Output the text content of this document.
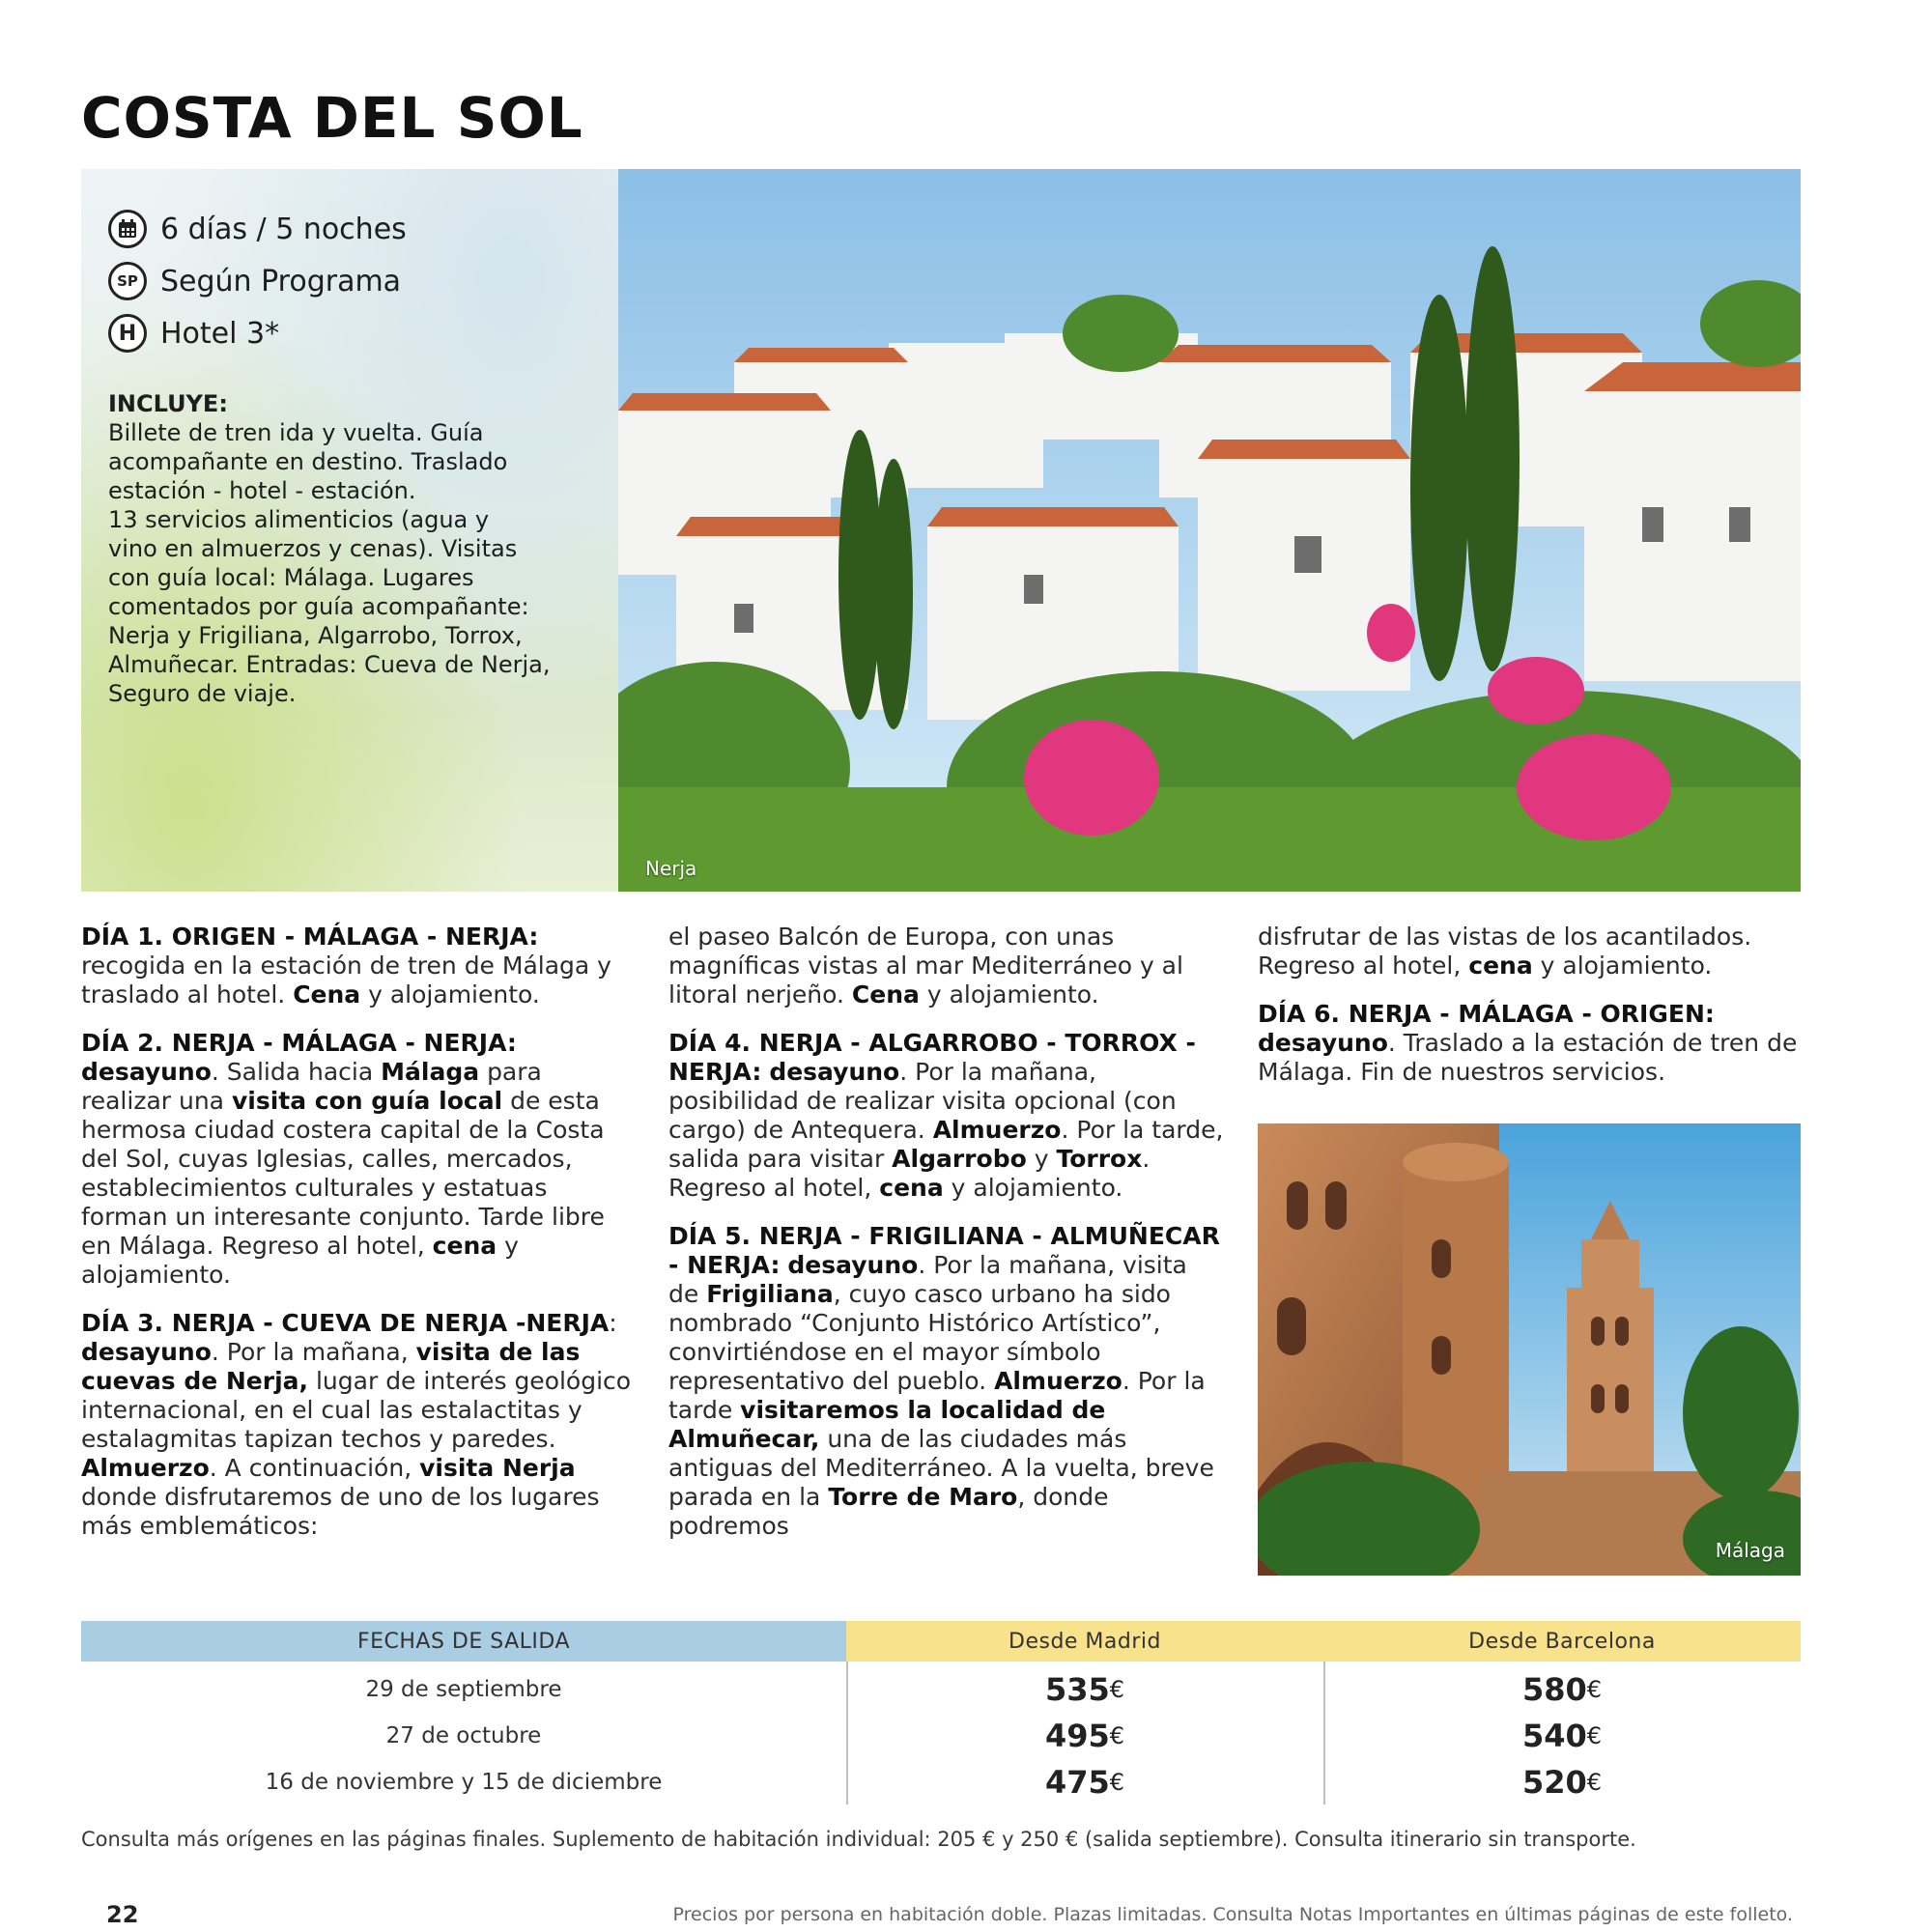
COSTA DEL SOL
6 días / 5 noches
SP Según Programa
H Hotel 3*
INCLUYE:
Billete de tren ida y vuelta. Guía
acompañante en destino. Traslado
estación - hotel - estación.
13 servicios alimenticios (agua y
vino en almuerzos y cenas). Visitas
con guía local: Málaga. Lugares
comentados por guía acompañante:
Nerja y Frigiliana, Algarrobo, Torrox,
Almuñecar. Entradas: Cueva de Nerja,
Seguro de viaje.
Nerja

DÍA 1. ORIGEN - MÁLAGA - NERJA: recogida en la estación de tren de Málaga y traslado al hotel. Cena y alojamiento.

DÍA 2. NERJA - MÁLAGA - NERJA: desayuno. Salida hacia Málaga para realizar una visita con guía local de esta hermosa ciudad costera capital de la Costa del Sol, cuyas Iglesias, calles, mercados, establecimientos culturales y estatuas forman un interesante conjunto. Tarde libre en Málaga. Regreso al hotel, cena y alojamiento.

DÍA 3. NERJA - CUEVA DE NERJA -NERJA: desayuno. Por la mañana, visita de las cuevas de Nerja, lugar de interés geológico internacional, en el cual las estalactitas y estalagmitas tapizan techos y paredes. Almuerzo. A continuación, visita Nerja donde disfrutaremos de uno de los lugares más emblemáticos:

el paseo Balcón de Europa, con unas magníficas vistas al mar Mediterráneo y al litoral nerjeño. Cena y alojamiento.

DÍA 4. NERJA - ALGARROBO - TORROX - NERJA: desayuno. Por la mañana, posibilidad de realizar visita opcional (con cargo) de Antequera. Almuerzo. Por la tarde, salida para visitar Algarrobo y Torrox. Regreso al hotel, cena y alojamiento.

DÍA 5. NERJA - FRIGILIANA - ALMUÑECAR - NERJA: desayuno. Por la mañana, visita de Frigiliana, cuyo casco urbano ha sido nombrado “Conjunto Histórico Artístico”, convirtiéndose en el mayor símbolo representativo del pueblo. Almuerzo. Por la tarde visitaremos la localidad de Almuñecar, una de las ciudades más antiguas del Mediterráneo. A la vuelta, breve parada en la Torre de Maro, donde podremos

disfrutar de las vistas de los acantilados. Regreso al hotel, cena y alojamiento.

DÍA 6. NERJA - MÁLAGA - ORIGEN: desayuno. Traslado a la estación de tren de Málaga. Fin de nuestros servicios.

Málaga
FECHAS DE SALIDA	Desde Madrid	Desde Barcelona
29 de septiembre	535 €	580 €
27 de octubre	495 €	540 €
16 de noviembre y 15 de diciembre	475 €	520 €
Consulta más orígenes en las páginas finales. Suplemento de habitación individual: 205 € y 250 € (salida septiembre). Consulta itinerario sin transporte.
22	Precios por persona en habitación doble. Plazas limitadas. Consulta Notas Importantes en últimas páginas de este folleto.
